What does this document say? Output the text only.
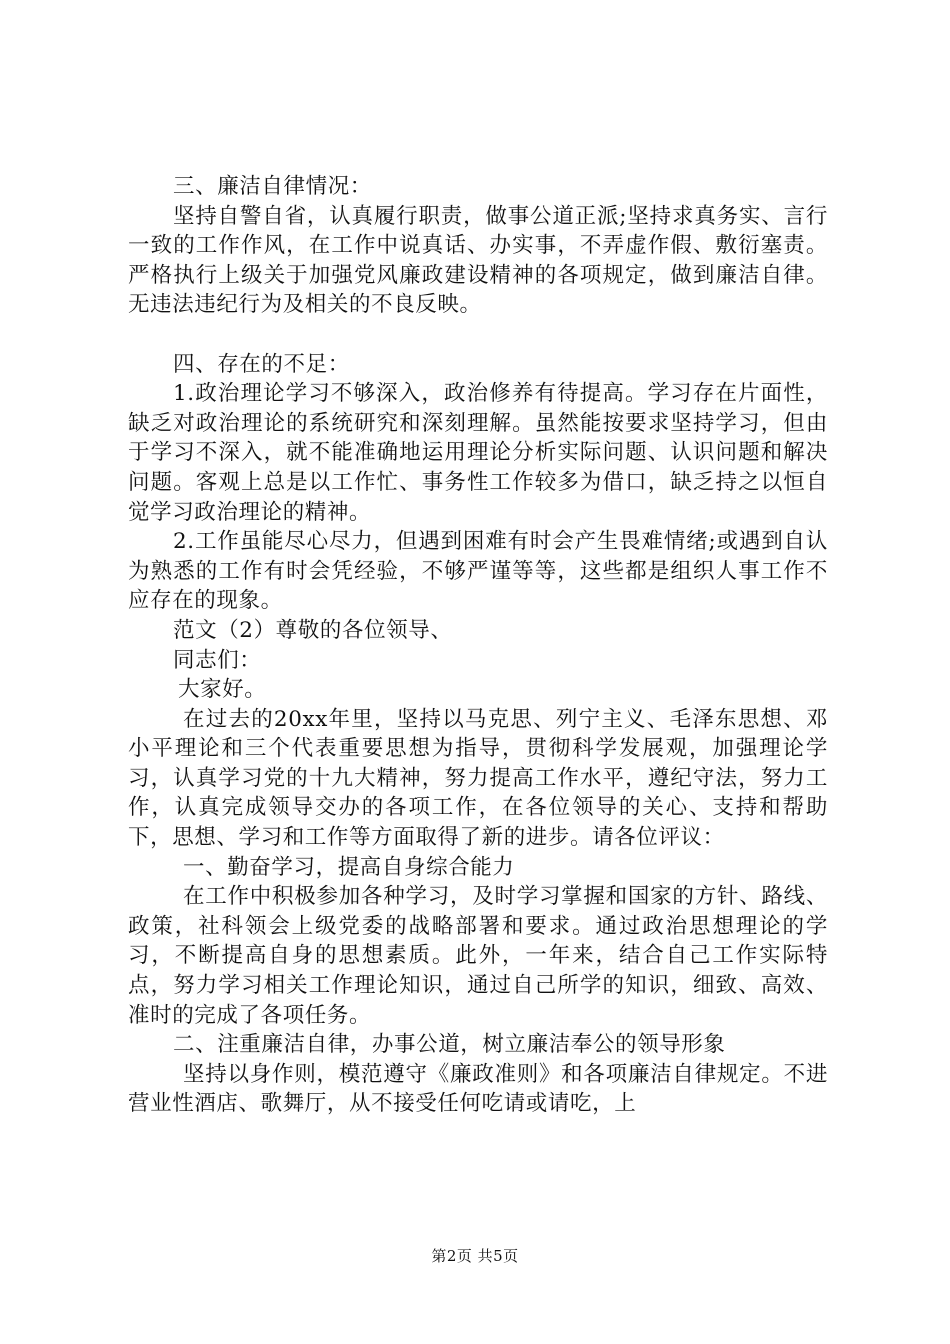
三、廉洁自律情况：

坚持自警自省，认真履行职责，做事公道正派;坚持求真务实、言行一致的工作作风，在工作中说真话、办实事，不弄虚作假、敷衍塞责。严格执行上级关于加强党风廉政建设精神的各项规定，做到廉洁自律。无违法违纪行为及相关的不良反映。

四、存在的不足：

1.政治理论学习不够深入，政治修养有待提高。学习存在片面性，缺乏对政治理论的系统研究和深刻理解。虽然能按要求坚持学习，但由于学习不深入，就不能准确地运用理论分析实际问题、认识问题和解决问题。客观上总是以工作忙、事务性工作较多为借口，缺乏持之以恒自觉学习政治理论的精神。

2.工作虽能尽心尽力，但遇到困难有时会产生畏难情绪;或遇到自认为熟悉的工作有时会凭经验，不够严谨等等，这些都是组织人事工作不应存在的现象。

范文（2）尊敬的各位领导、

同志们：

大家好。

在过去的20xx年里，坚持以马克思、列宁主义、毛泽东思想、邓小平理论和三个代表重要思想为指导，贯彻科学发展观，加强理论学习，认真学习党的十九大精神，努力提高工作水平，遵纪守法，努力工作，认真完成领导交办的各项工作，在各位领导的关心、支持和帮助下，思想、学习和工作等方面取得了新的进步。请各位评议：

一、勤奋学习，提高自身综合能力

在工作中积极参加各种学习，及时学习掌握和国家的方针、路线、政策，社科领会上级党委的战略部署和要求。通过政治思想理论的学习，不断提高自身的思想素质。此外，一年来，结合自己工作实际特点，努力学习相关工作理论知识，通过自己所学的知识，细致、高效、准时的完成了各项任务。

二、注重廉洁自律，办事公道，树立廉洁奉公的领导形象

坚持以身作则，模范遵守《廉政准则》和各项廉洁自律规定。不进营业性酒店、歌舞厅，从不接受任何吃请或请吃，上

第2页 共5页
